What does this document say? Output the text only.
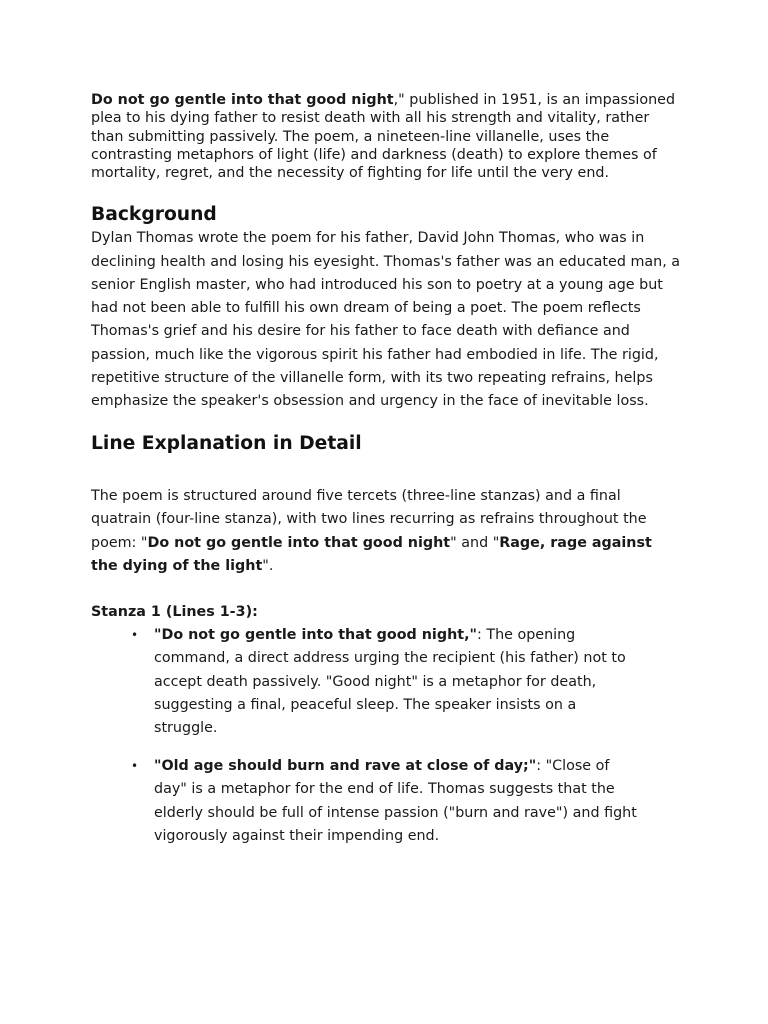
Do not go gentle into that good night," published in 1951, is an impassioned plea to his dying father to resist death with all his strength and vitality, rather than submitting passively. The poem, a nineteen-line villanelle, uses the contrasting metaphors of light (life) and darkness (death) to explore themes of mortality, regret, and the necessity of fighting for life until the very end.

Background

Dylan Thomas wrote the poem for his father, David John Thomas, who was in declining health and losing his eyesight. Thomas's father was an educated man, a senior English master, who had introduced his son to poetry at a young age but had not been able to fulfill his own dream of being a poet. The poem reflects Thomas's grief and his desire for his father to face death with defiance and passion, much like the vigorous spirit his father had embodied in life. The rigid, repetitive structure of the villanelle form, with its two repeating refrains, helps emphasize the speaker's obsession and urgency in the face of inevitable loss.

Line Explanation in Detail

The poem is structured around five tercets (three-line stanzas) and a final quatrain (four-line stanza), with two lines recurring as refrains throughout the poem: "Do not go gentle into that good night" and "Rage, rage against the dying of the light".

Stanza 1 (Lines 1-3):

• "Do not go gentle into that good night,": The opening command, a direct address urging the recipient (his father) not to accept death passively. "Good night" is a metaphor for death, suggesting a final, peaceful sleep. The speaker insists on a struggle.
• "Old age should burn and rave at close of day;": "Close of day" is a metaphor for the end of life. Thomas suggests that the elderly should be full of intense passion ("burn and rave") and fight vigorously against their impending end.
